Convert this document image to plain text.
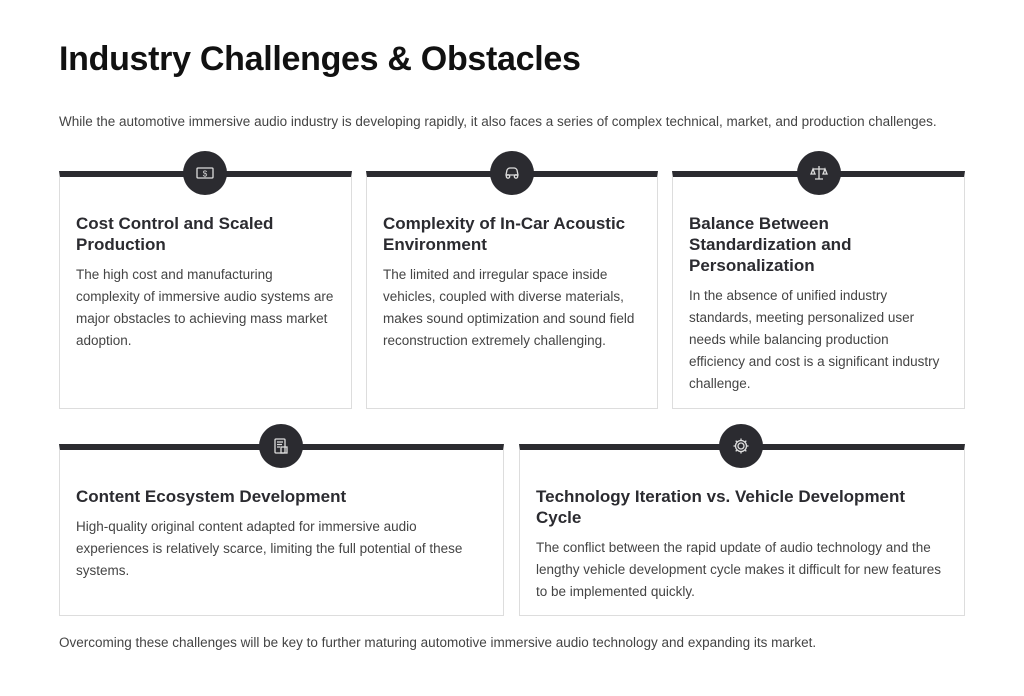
Industry Challenges & Obstacles

While the automotive immersive audio industry is developing rapidly, it also faces a series of complex technical, market, and production challenges.

Cost Control and Scaled Production
The high cost and manufacturing complexity of immersive audio systems are major obstacles to achieving mass market adoption.
Complexity of In-Car Acoustic Environment
The limited and irregular space inside vehicles, coupled with diverse materials, makes sound optimization and sound field reconstruction extremely challenging.
Balance Between Standardization and Personalization
In the absence of unified industry standards, meeting personalized user needs while balancing production efficiency and cost is a significant industry challenge.
Content Ecosystem Development
High-quality original content adapted for immersive audio experiences is relatively scarce, limiting the full potential of these systems.
Technology Iteration vs. Vehicle Development Cycle
The conflict between the rapid update of audio technology and the lengthy vehicle development cycle makes it difficult for new features to be implemented quickly.
$

Overcoming these challenges will be key to further maturing automotive immersive audio technology and expanding its market.
